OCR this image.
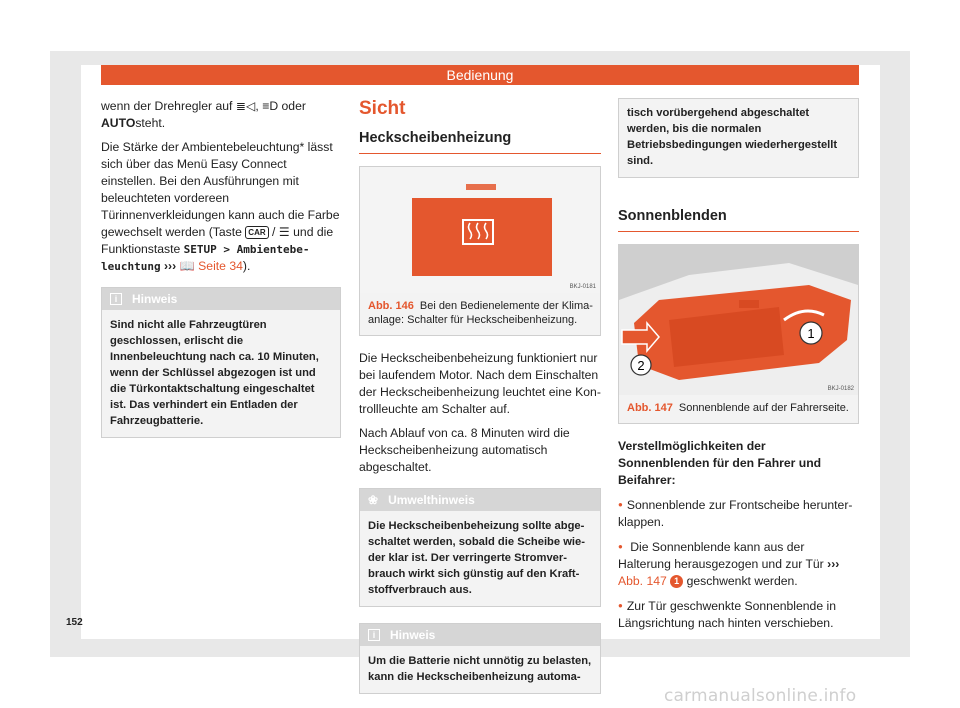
Bedienung

wenn der Drehregler auf ≣◁, ≡D oder
AUTOsteht.

Die Stärke der Ambientebeleuchtung* lässt sich über das Menü Easy Connect einstellen. Bei den Ausführungen mit beleuchteten vordereen Türinnenverkleidungen kann auch die Farbe gewechselt werden (Taste CAR / ☰ und die Funktionstaste SETUP > Ambientebeleuchtung ››› 📖 Seite 34).

i	Hinweis
Sind nicht alle Fahrzeugtüren geschlossen, erlischt die Innenbeleuchtung nach ca. 10 Minuten, wenn der Schlüssel abgezogen ist und die Türkontaktschaltung eingeschaltet ist. Das verhindert ein Entladen der Fahrzeugbatterie.
Sicht
Heckscheibenheizung
BKJ-0181
Abb. 146 Bei den Bedienelemente der Klimaanlage: Schalter für Heckscheibenheizung.

Die Heckscheibenbeheizung funktioniert nur bei laufendem Motor. Nach dem Einschalten der Heckscheibenheizung leuchtet eine Kontrollleuchte am Schalter auf.

Nach Ablauf von ca. 8 Minuten wird die Heckscheibenheizung automatisch abgeschaltet.

❀ Umwelthinweis
Die Heckscheibenbeheizung sollte abgeschaltet werden, sobald die Scheibe wieder klar ist. Der verringerte Stromverbrauch wirkt sich günstig auf den Kraftstoffverbrauch aus.
i	Hinweis
Um die Batterie nicht unnötig zu belasten, kann die Heckscheibenheizung automa-
tisch vorübergehend abgeschaltet werden, bis die normalen Betriebsbedingungen wiederhergestellt sind.
Sonnenblenden
1
2
BKJ-0182
Abb. 147 Sonnenblende auf der Fahrerseite.

Verstellmöglichkeiten der Sonnenblenden für den Fahrer und Beifahrer:

● Sonnenblende zur Frontscheibe herunterklappen.

● Die Sonnenblende kann aus der Halterung herausgezogen und zur Tür ››› Abb. 147 1 geschwenkt werden.

● Zur Tür geschwenkte Sonnenblende in Längsrichtung nach hinten verschieben.

152
carmanualsonline.info
